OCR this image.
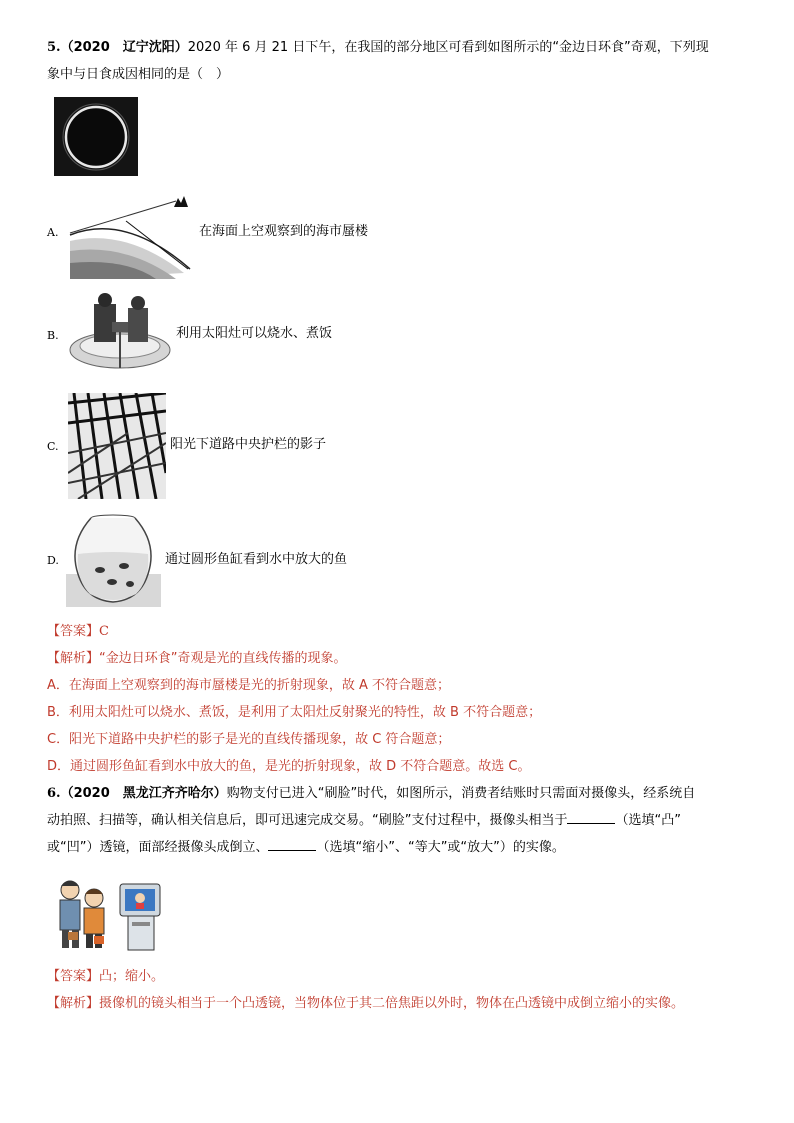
5.（2020　辽宁沈阳）2020 年 6 月 21 日下午，在我国的部分地区可看到如图所示的“金边日环食”奇观，下列现
象中与日食成因相同的是（　）
A.	在海面上空观察到的海市蜃楼
B.	利用太阳灶可以烧水、煮饭
C.	阳光下道路中央护栏的影子
D.	通过圆形鱼缸看到水中放大的鱼
【答案】C
【解析】“金边日环食”奇观是光的直线传播的现象。
A．在海面上空观察到的海市蜃楼是光的折射现象，故 A 不符合题意；
B．利用太阳灶可以烧水、煮饭，是利用了太阳灶反射聚光的特性，故 B 不符合题意；
C．阳光下道路中央护栏的影子是光的直线传播现象，故 C 符合题意；
D．通过圆形鱼缸看到水中放大的鱼，是光的折射现象，故 D 不符合题意。故选 C。
6.（2020　黑龙江齐齐哈尔）购物支付已进入“刷脸”时代，如图所示，消费者结账时只需面对摄像头，经系统自
动拍照、扫描等，确认相关信息后，即可迅速完成交易。“刷脸”支付过程中，摄像头相当于	（选填“凸”
或“凹”）透镜，面部经摄像头成倒立、	（选填“缩小”、“等大”或“放大”）的实像。
【答案】凸；缩小。
【解析】摄像机的镜头相当于一个凸透镜，当物体位于其二倍焦距以外时，物体在凸透镜中成倒立缩小的实像。
